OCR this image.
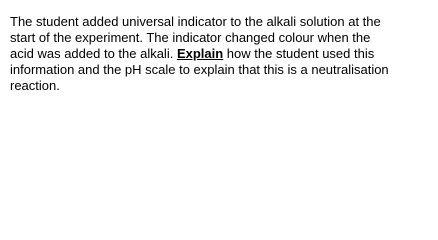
The student added universal indicator to the alkali solution at the
start of the experiment. The indicator changed colour when the
acid was added to the alkali. Explain how the student used this
information and the pH scale to explain that this is a neutralisation
reaction.
